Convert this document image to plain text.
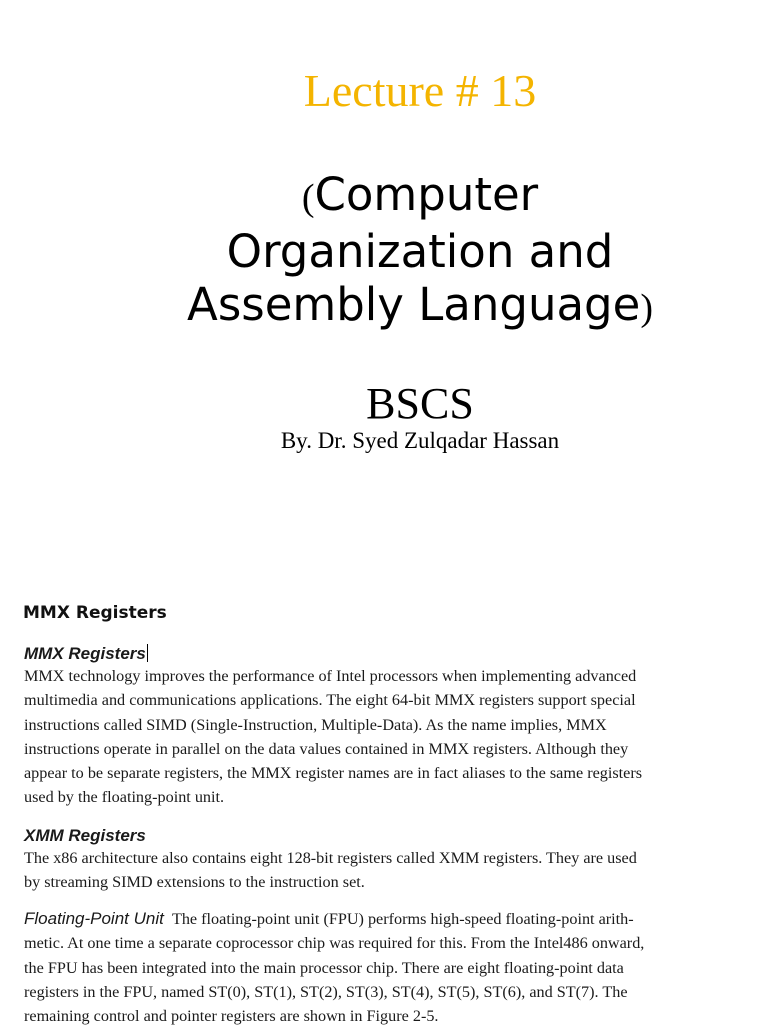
Lecture # 13
(Computer
Organization and
Assembly Language)
BSCS
By. Dr. Syed Zulqadar Hassan
MMX Registers

MMX Registers

MMX technology improves the performance of Intel processors when implementing advanced
multimedia and communications applications. The eight 64-bit MMX registers support special
instructions called SIMD (Single-Instruction, Multiple-Data). As the name implies, MMX
instructions operate in parallel on the data values contained in MMX registers. Although they
appear to be separate registers, the MMX register names are in fact aliases to the same registers
used by the floating-point unit.

XMM Registers

The x86 architecture also contains eight 128-bit registers called XMM registers. They are used
by streaming SIMD extensions to the instruction set.

Floating-Point Unit The floating-point unit (FPU) performs high-speed floating-point arith-
metic. At one time a separate coprocessor chip was required for this. From the Intel486 onward,
the FPU has been integrated into the main processor chip. There are eight floating-point data
registers in the FPU, named ST(0), ST(1), ST(2), ST(3), ST(4), ST(5), ST(6), and ST(7). The
remaining control and pointer registers are shown in Figure 2-5.
